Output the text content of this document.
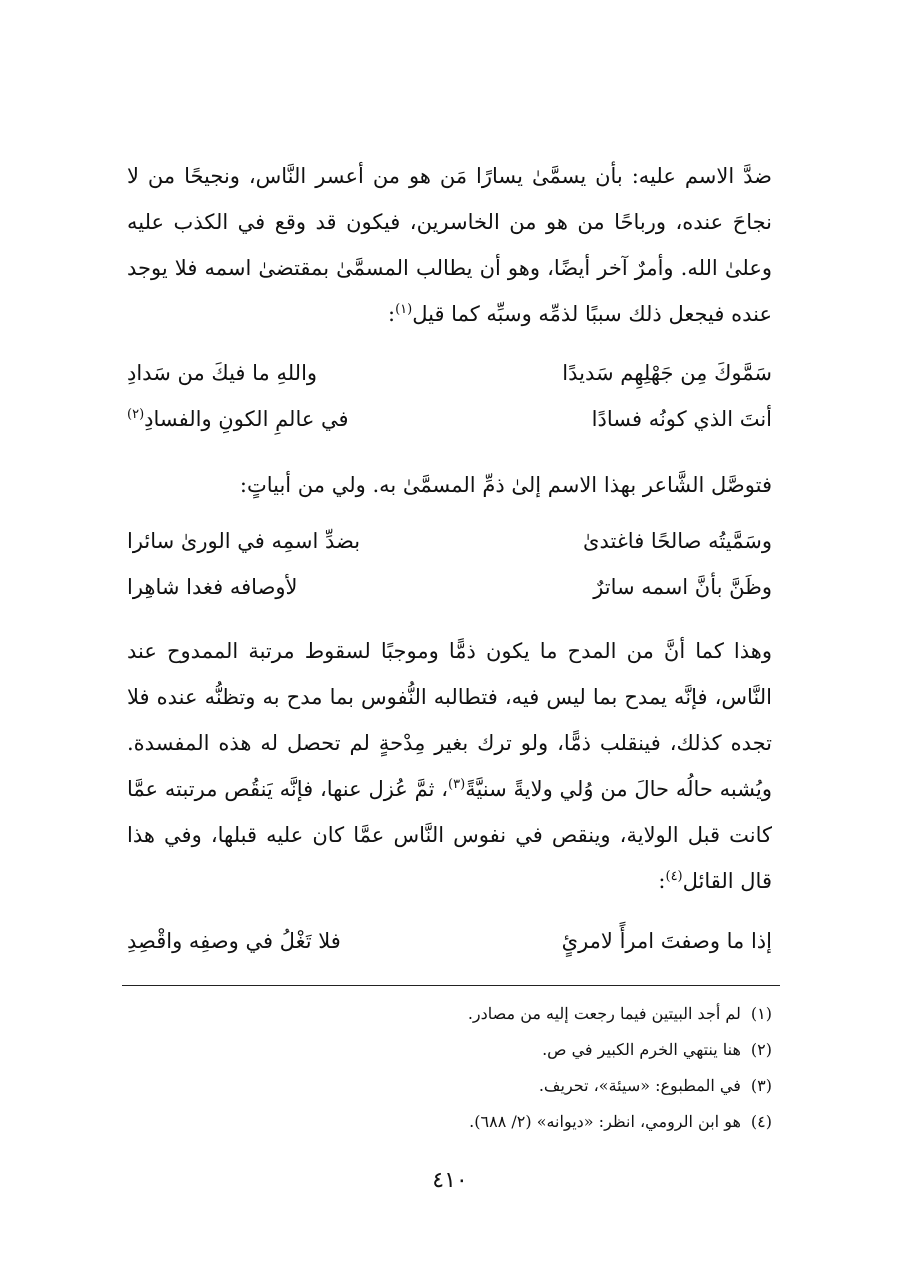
ضدَّ الاسم عليه: بأن يسمَّىٰ يسارًا مَن هو من أعسر النَّاس، ونجيحًا من لا نجاحَ عنده، ورباحًا من هو من الخاسرين، فيكون قد وقع في الكذب عليه وعلىٰ الله. وأمرٌ آخر أيضًا، وهو أن يطالب المسمَّىٰ بمقتضىٰ اسمه فلا يوجد عنده فيجعل ذلك سببًا لذمِّه وسبِّه كما قيل$^{(١)}$:

سَمَّوكَ مِن جَهْلِهِم سَديدًا
واللهِ ما فيكَ من سَدادِ
أنتَ الذي كونُه فسادًا
في عالمِ الكونِ والفسادِ$^{(٢)}$

فتوصَّل الشَّاعر بهذا الاسم إلىٰ ذمِّ المسمَّىٰ به. ولي من أبياتٍ:

وسَمَّيتُه صالحًا فاغتدىٰ
بضدِّ اسمِه في الورىٰ سائرا
وظَنَّ بأنَّ اسمه ساترٌ
لأوصافه فغدا شاهِرا

وهذا كما أنَّ من المدح ما يكون ذمًّا وموجبًا لسقوط مرتبة الممدوح عند النَّاس، فإنَّه يمدح بما ليس فيه، فتطالبه النُّفوس بما مدح به وتظنُّه عنده فلا تجده كذلك، فينقلب ذمًّا، ولو ترك بغير مِدْحةٍ لم تحصل له هذه المفسدة. ويُشبه حالُه حالَ من وُلي ولايةً سنيَّةً$^{(٣)}$، ثمَّ عُزل عنها، فإنَّه يَنقُص مرتبته عمَّا كانت قبل الولاية، وينقص في نفوس النَّاس عمَّا كان عليه قبلها، وفي هذا قال القائل$^{(٤)}$:

إذا ما وصفتَ امرأً لامرئٍ
فلا تَغْلُ في وصفِه واقْصِدِ
(١)لم أجد البيتين فيما رجعت إليه من مصادر.
(٢)هنا ينتهي الخرم الكبير في ص.
(٣)في المطبوع: «سيئة»، تحريف.
(٤)هو ابن الرومي، انظر: «ديوانه» (٢/ ٦٨٨).
٤١٠
